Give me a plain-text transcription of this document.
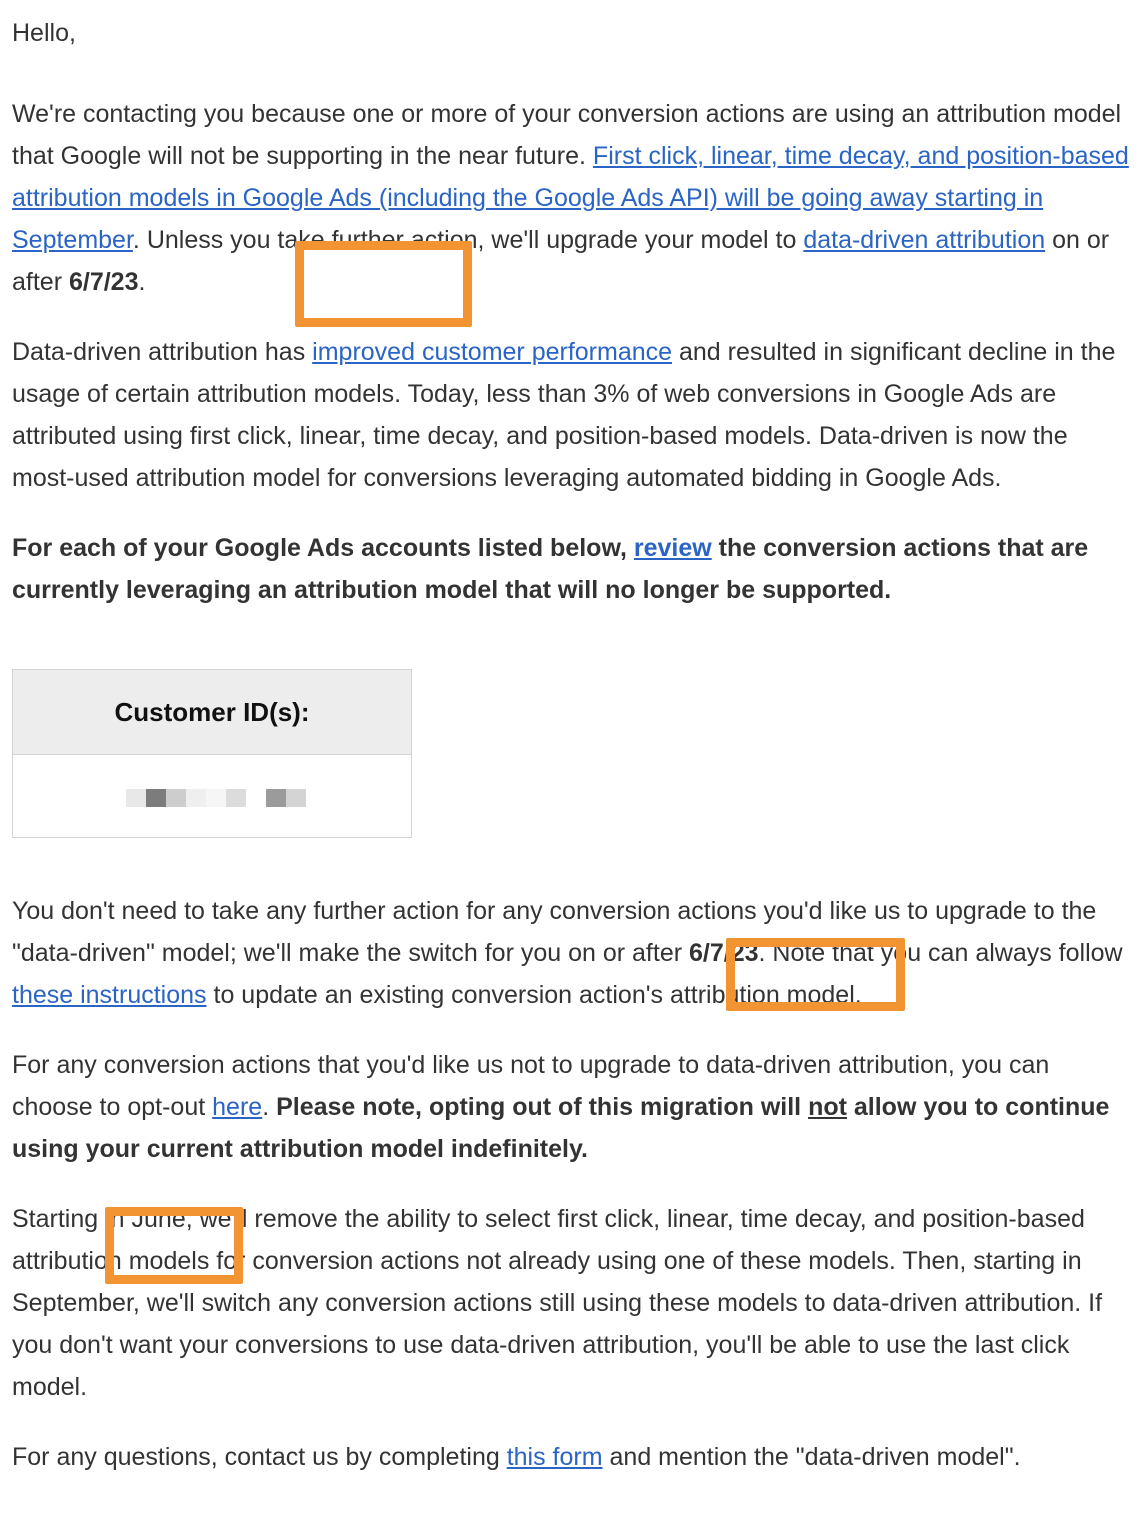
Hello,

We're contacting you because one or more of your conversion actions are using an attribution model that Google will not be supporting in the near future. First click, linear, time decay, and position-based attribution models in Google Ads (including the Google Ads API) will be going away starting in September. Unless you take further action, we'll upgrade your model to data-driven attribution on or after 6/7/23.

Data-driven attribution has improved customer performance and resulted in significant decline in the usage of certain attribution models. Today, less than 3% of web conversions in Google Ads are attributed using first click, linear, time decay, and position-based models. Data-driven is now the most-used attribution model for conversions leveraging automated bidding in Google Ads.

For each of your Google Ads accounts listed below, review the conversion actions that are currently leveraging an attribution model that will no longer be supported.

Customer ID(s):

You don't need to take any further action for any conversion actions you'd like us to upgrade to the "data-driven" model; we'll make the switch for you on or after 6/7/23. Note that you can always follow these instructions to update an existing conversion action's attribution model.

For any conversion actions that you'd like us not to upgrade to data-driven attribution, you can choose to opt-out here. Please note, opting out of this migration will not allow you to continue using your current attribution model indefinitely.

Starting in June, we'll remove the ability to select first click, linear, time decay, and position-based attribution models for conversion actions not already using one of these models. Then, starting in September, we'll switch any conversion actions still using these models to data-driven attribution. If you don't want your conversions to use data-driven attribution, you'll be able to use the last click model.

For any questions, contact us by completing this form and mention the "data-driven model".
